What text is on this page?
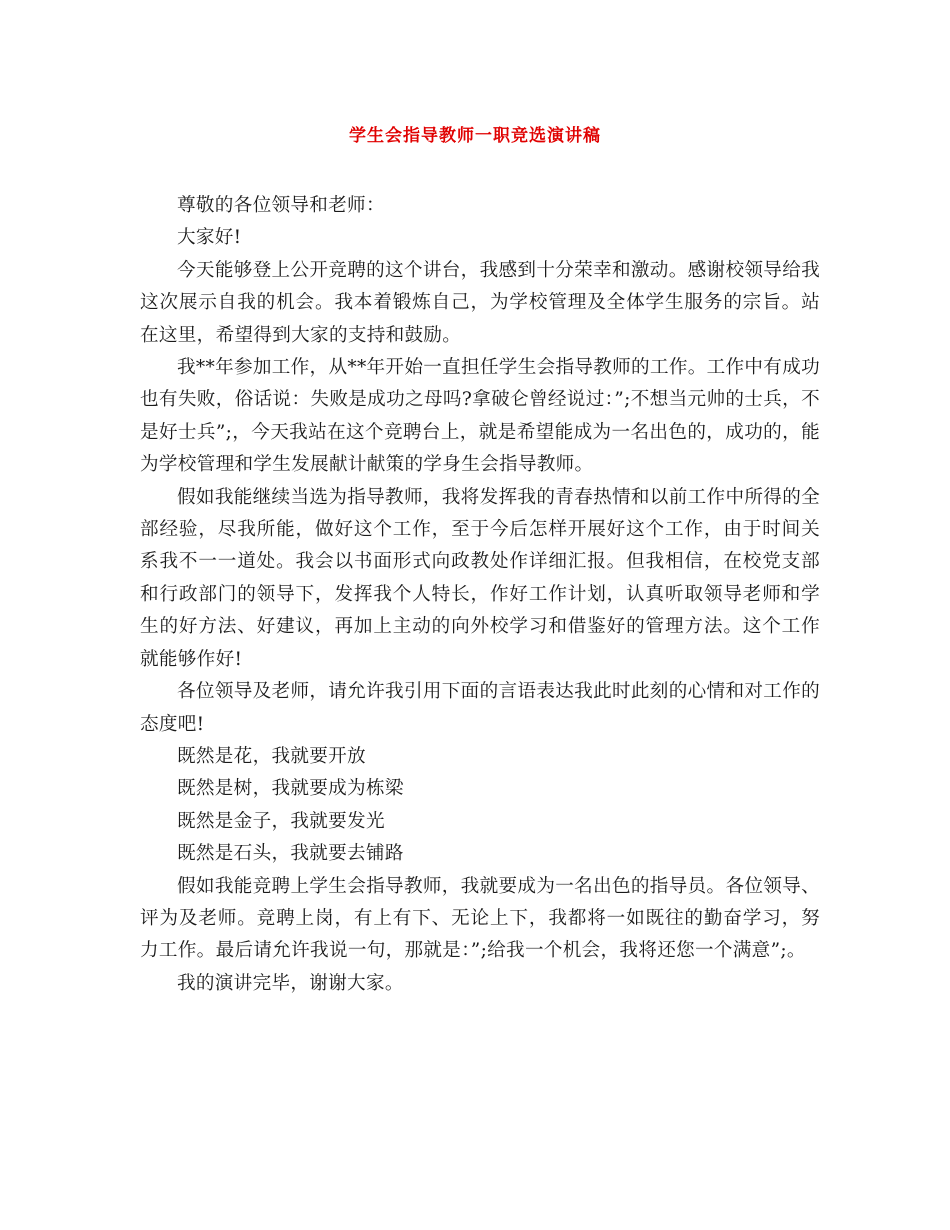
学生会指导教师一职竞选演讲稿

尊敬的各位领导和老师：

大家好!

今天能够登上公开竞聘的这个讲台，我感到十分荣幸和激动。感谢校领导给我这次展示自我的机会。我本着锻炼自己，为学校管理及全体学生服务的宗旨。站在这里，希望得到大家的支持和鼓励。

我**年参加工作，从**年开始一直担任学生会指导教师的工作。工作中有成功也有失败，俗话说：失败是成功之母吗?拿破仑曾经说过：”;不想当元帅的士兵，不是好士兵”;，今天我站在这个竞聘台上，就是希望能成为一名出色的，成功的，能为学校管理和学生发展献计献策的学身生会指导教师。

假如我能继续当选为指导教师，我将发挥我的青春热情和以前工作中所得的全部经验，尽我所能，做好这个工作，至于今后怎样开展好这个工作，由于时间关系我不一一道处。我会以书面形式向政教处作详细汇报。但我相信，在校党支部和行政部门的领导下，发挥我个人特长，作好工作计划，认真听取领导老师和学生的好方法、好建议，再加上主动的向外校学习和借鉴好的管理方法。这个工作就能够作好!

各位领导及老师，请允许我引用下面的言语表达我此时此刻的心情和对工作的态度吧!

既然是花，我就要开放

既然是树，我就要成为栋梁

既然是金子，我就要发光

既然是石头，我就要去铺路

假如我能竞聘上学生会指导教师，我就要成为一名出色的指导员。各位领导、评为及老师。竞聘上岗，有上有下、无论上下，我都将一如既往的勤奋学习，努力工作。最后请允许我说一句，那就是：”;给我一个机会，我将还您一个满意”;。

我的演讲完毕，谢谢大家。
